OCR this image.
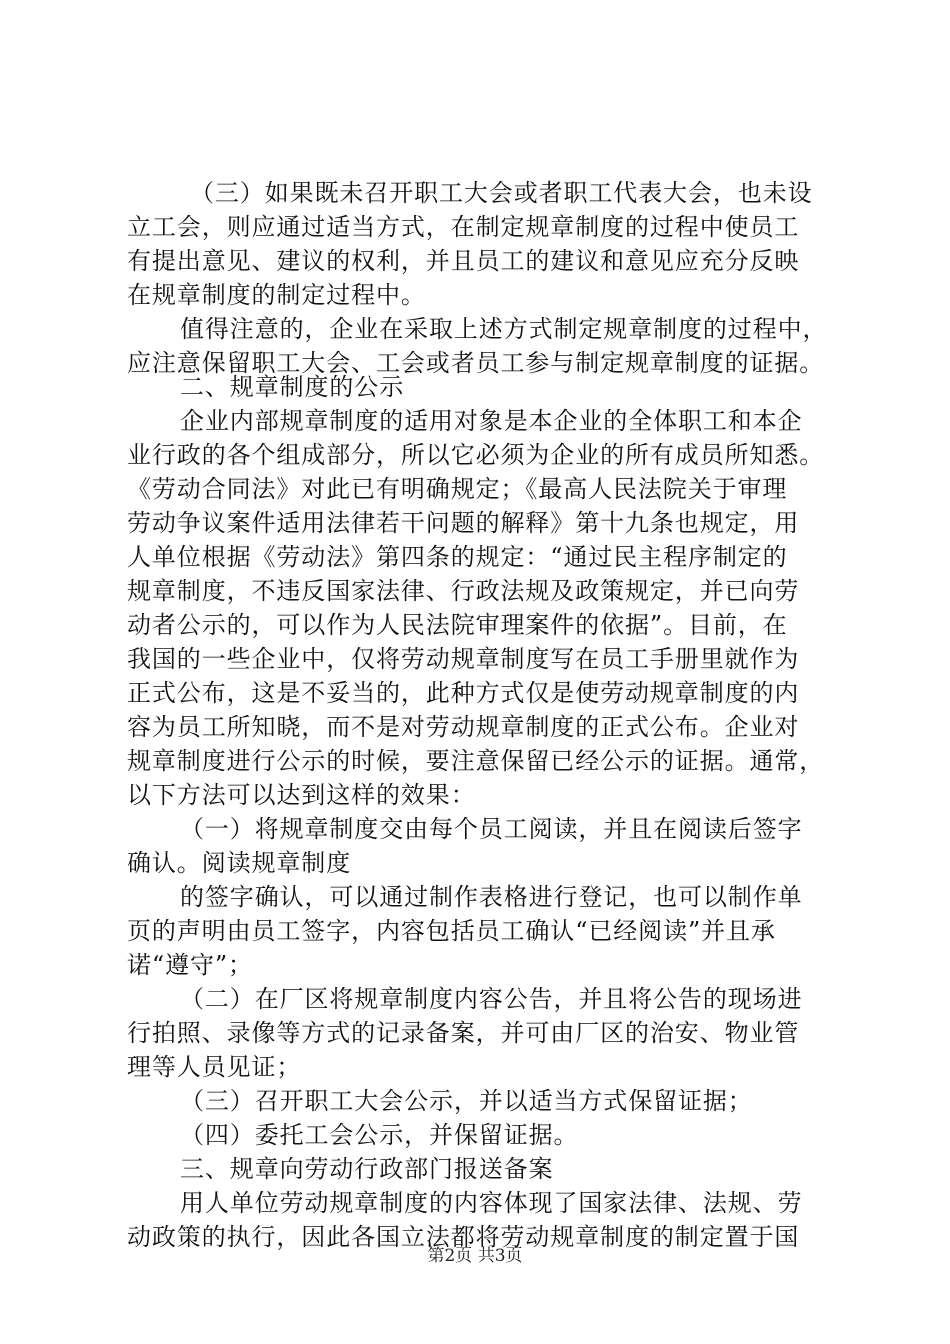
（三）如果既未召开职工大会或者职工代表大会，也未设
立工会，则应通过适当方式，在制定规章制度的过程中使员工
有提出意见、建议的权利，并且员工的建议和意见应充分反映
在规章制度的制定过程中。
值得注意的，企业在采取上述方式制定规章制度的过程中，
应注意保留职工大会、工会或者员工参与制定规章制度的证据。
二、规章制度的公示
企业内部规章制度的适用对象是本企业的全体职工和本企
业行政的各个组成部分，所以它必须为企业的所有成员所知悉。
《劳动合同法》对此已有明确规定；《最高人民法院关于审理
劳动争议案件适用法律若干问题的解释》第十九条也规定，用
人单位根据《劳动法》第四条的规定：“通过民主程序制定的
规章制度，不违反国家法律、行政法规及政策规定，并已向劳
动者公示的，可以作为人民法院审理案件的依据”。目前，在
我国的一些企业中，仅将劳动规章制度写在员工手册里就作为
正式公布，这是不妥当的，此种方式仅是使劳动规章制度的内
容为员工所知晓，而不是对劳动规章制度的正式公布。企业对
规章制度进行公示的时候，要注意保留已经公示的证据。通常，
以下方法可以达到这样的效果：
（一）将规章制度交由每个员工阅读，并且在阅读后签字
确认。阅读规章制度
的签字确认，可以通过制作表格进行登记，也可以制作单
页的声明由员工签字，内容包括员工确认“已经阅读”并且承
诺“遵守”；
（二）在厂区将规章制度内容公告，并且将公告的现场进
行拍照、录像等方式的记录备案，并可由厂区的治安、物业管
理等人员见证；
（三）召开职工大会公示，并以适当方式保留证据；
（四）委托工会公示，并保留证据。
三、规章向劳动行政部门报送备案
用人单位劳动规章制度的内容体现了国家法律、法规、劳
动政策的执行，因此各国立法都将劳动规章制度的制定置于国
第2页 共3页
